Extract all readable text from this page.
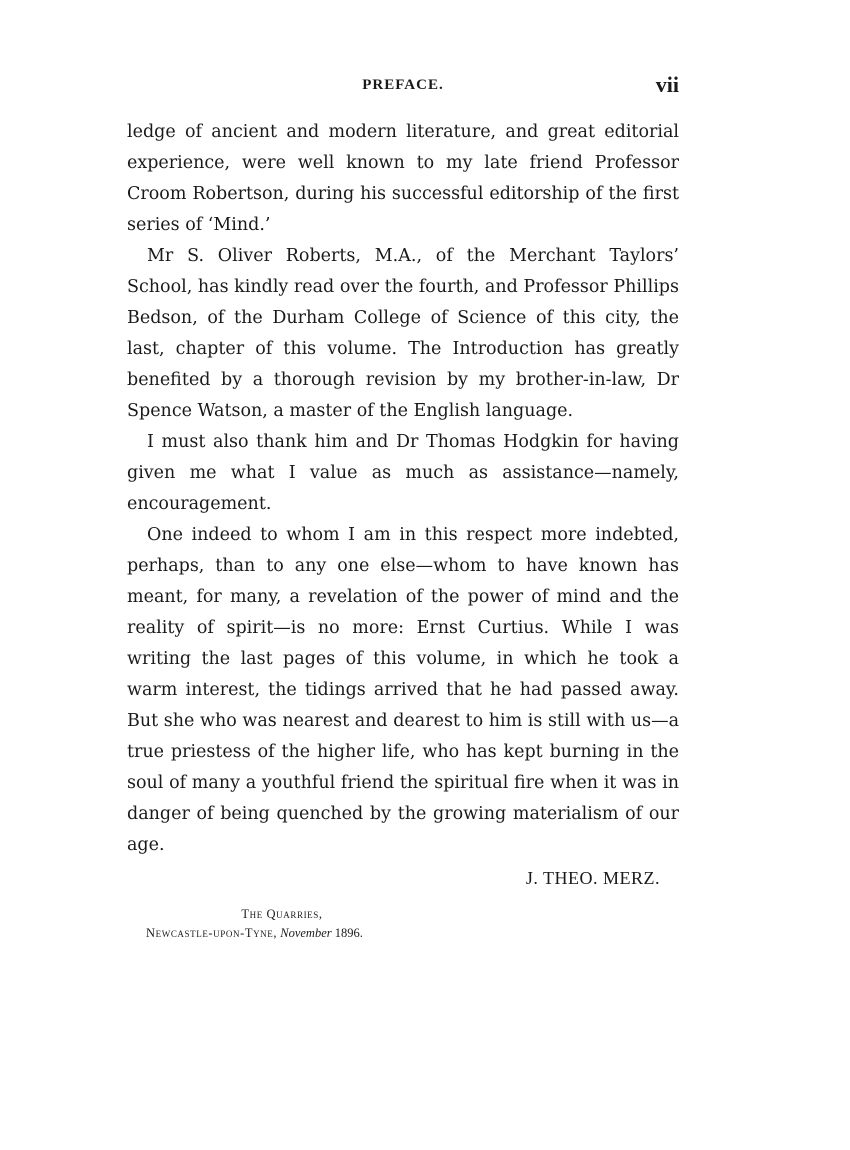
PREFACE.	vii

ledge of ancient and modern literature, and great editorial experience, were well known to my late friend Professor Croom Robertson, during his successful editorship of the first series of ‘Mind.’

Mr S. Oliver Roberts, M.A., of the Merchant Taylors’ School, has kindly read over the fourth, and Professor Phillips Bedson, of the Durham College of Science of this city, the last, chapter of this volume. The Introduction has greatly benefited by a thorough revision by my brother-in-law, Dr Spence Watson, a master of the English language.

I must also thank him and Dr Thomas Hodgkin for having given me what I value as much as assistance—namely, encouragement.

One indeed to whom I am in this respect more indebted, perhaps, than to any one else—whom to have known has meant, for many, a revelation of the power of mind and the reality of spirit—is no more: Ernst Curtius. While I was writing the last pages of this volume, in which he took a warm interest, the tidings arrived that he had passed away. But she who was nearest and dearest to him is still with us—a true priestess of the higher life, who has kept burning in the soul of many a youthful friend the spiritual fire when it was in danger of being quenched by the growing materialism of our age.

J. THEO. MERZ.
The Quarries,
Newcastle-upon-Tyne, November 1896.
